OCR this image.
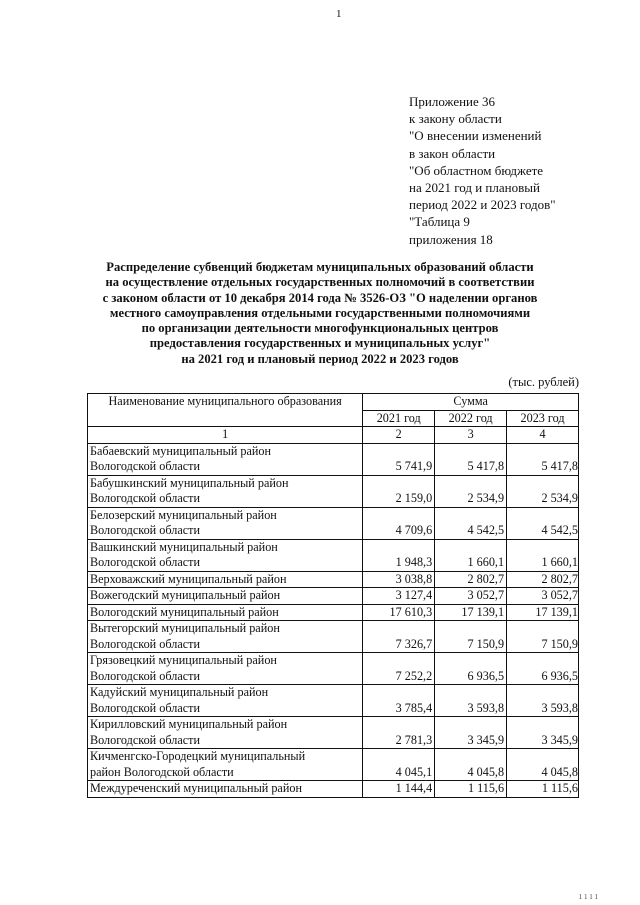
1
Приложение 36
к закону области
"О внесении изменений
в закон области
"Об областном бюджете
на 2021 год и плановый
период 2022 и 2023 годов"
"Таблица 9
приложения 18
Распределение субвенций бюджетам муниципальных образований области
на осуществление отдельных государственных полномочий в соответствии
с законом области от 10 декабря 2014 года № 3526-ОЗ "О наделении органов
местного самоуправления отдельными государственными полномочиями
по организации деятельности многофункциональных центров
предоставления государственных и муниципальных услуг"
на 2021 год и плановый период 2022 и 2023 годов
(тыс. рублей)
Наименование муниципального образования	Сумма		
	2021 год	2022 год	2023 год
1	2	3	4

Бабаевский муниципальный район
Вологодской области	5 741,9	5 417,8	5 417,8

Бабушкинский муниципальный район
Вологодской области	2 159,0	2 534,9	2 534,9

Белозерский муниципальный район
Вологодской области	4 709,6	4 542,5	4 542,5

Вашкинский муниципальный район
Вологодской области	1 948,3	1 660,1	1 660,1

Верховажский муниципальный район	3 038,8	2 802,7	2 802,7

Вожегодский муниципальный район	3 127,4	3 052,7	3 052,7

Вологодский муниципальный район	17 610,3	17 139,1	17 139,1

Вытегорский муниципальный район
Вологодской области	7 326,7	7 150,9	7 150,9

Грязовецкий муниципальный район
Вологодской области	7 252,2	6 936,5	6 936,5

Кадуйский муниципальный район
Вологодской области	3 785,4	3 593,8	3 593,8

Кирилловский муниципальный район
Вологодской области	2 781,3	3 345,9	3 345,9

Кичменгско-Городецкий муниципальный
район Вологодской области	4 045,1	4 045,8	4 045,8

Междуреченский муниципальный район	1 144,4	1 115,6	1 115,6
1111
